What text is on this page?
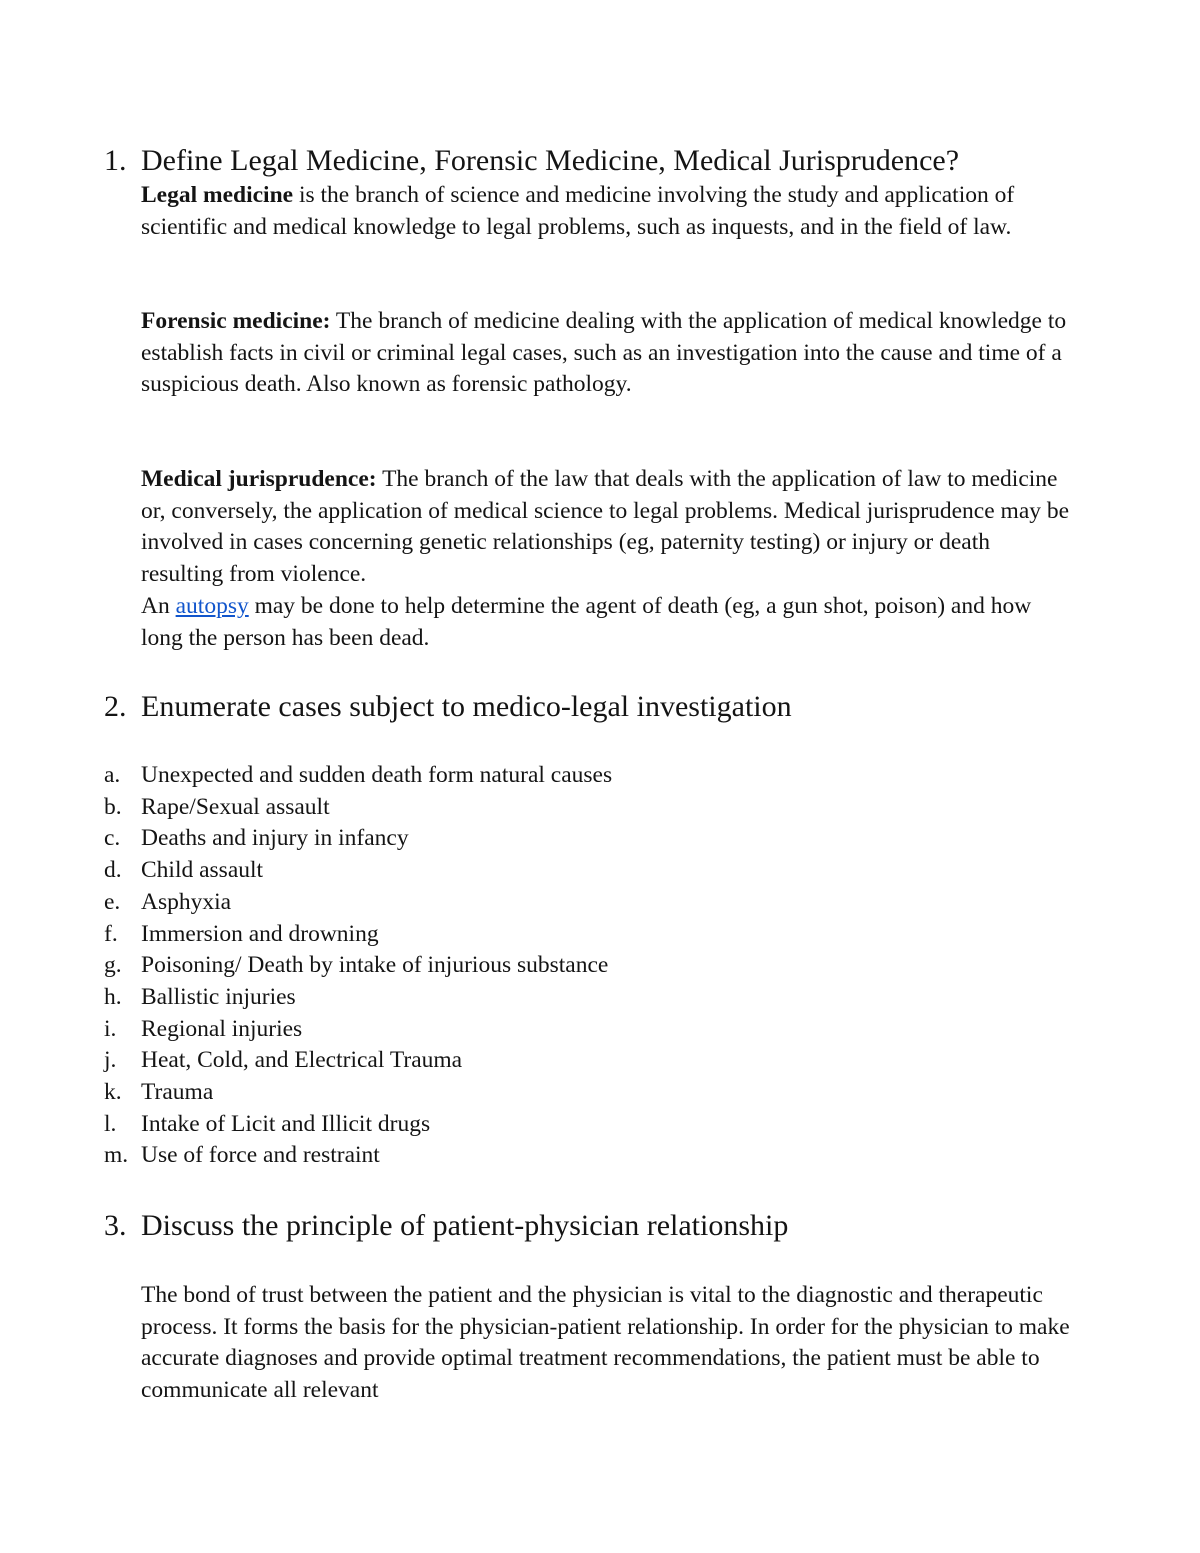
1. Define Legal Medicine, Forensic Medicine, Medical Jurisprudence?
Legal medicine is the branch of science and medicine involving the study and application of scientific and medical knowledge to legal problems, such as inquests, and in the field of law.
Forensic medicine: The branch of medicine dealing with the application of medical knowledge to establish facts in civil or criminal legal cases, such as an investigation into the cause and time of a suspicious death. Also known as forensic pathology.
Medical jurisprudence: The branch of the law that deals with the application of law to medicine or, conversely, the application of medical science to legal problems. Medical jurisprudence may be involved in cases concerning genetic relationships (eg, paternity testing) or injury or death resulting from violence.
An autopsy may be done to help determine the agent of death (eg, a gun shot, poison) and how long the person has been dead.
2. Enumerate cases subject to medico-legal investigation
a. Unexpected and sudden death form natural causes
b. Rape/Sexual assault
c. Deaths and injury in infancy
d. Child assault
e. Asphyxia
f. Immersion and drowning
g. Poisoning/ Death by intake of injurious substance
h. Ballistic injuries
i. Regional injuries
j. Heat, Cold, and Electrical Trauma
k. Trauma
l. Intake of Licit and Illicit drugs
m. Use of force and restraint
3. Discuss the principle of patient-physician relationship
The bond of trust between the patient and the physician is vital to the diagnostic and therapeutic process. It forms the basis for the physician-patient relationship. In order for the physician to make accurate diagnoses and provide optimal treatment recommendations, the patient must be able to communicate all relevant
